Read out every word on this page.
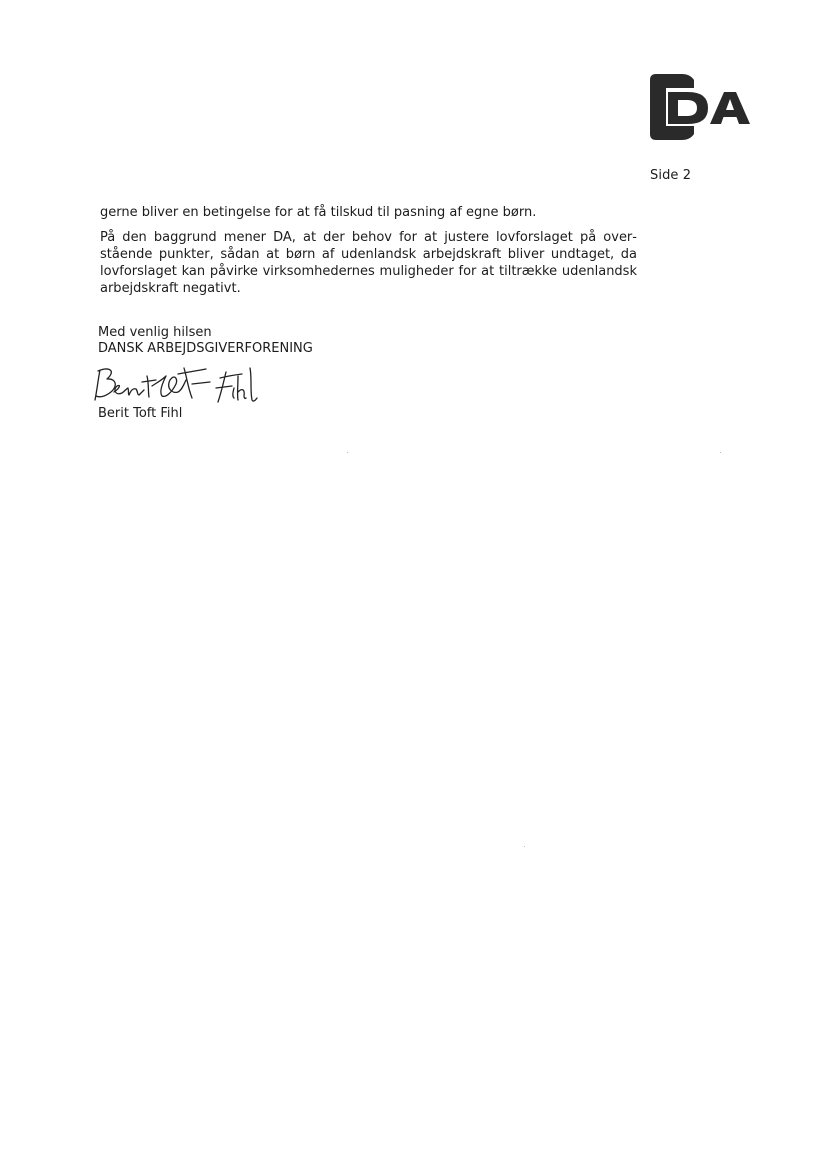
Side 2

gerne bliver en betingelse for at få tilskud til pasning af egne børn.

På den baggrund mener DA, at der behov for at justere lovforslaget på overstående punkter, sådan at børn af udenlandsk arbejdskraft bliver undtaget, da lovforslaget kan påvirke virksomhedernes muligheder for at tiltrække udenlandsk arbejdskraft negativt.

Med venlig hilsen
DANSK ARBEJDSGIVERFORENING
Berit Toft Fihl
